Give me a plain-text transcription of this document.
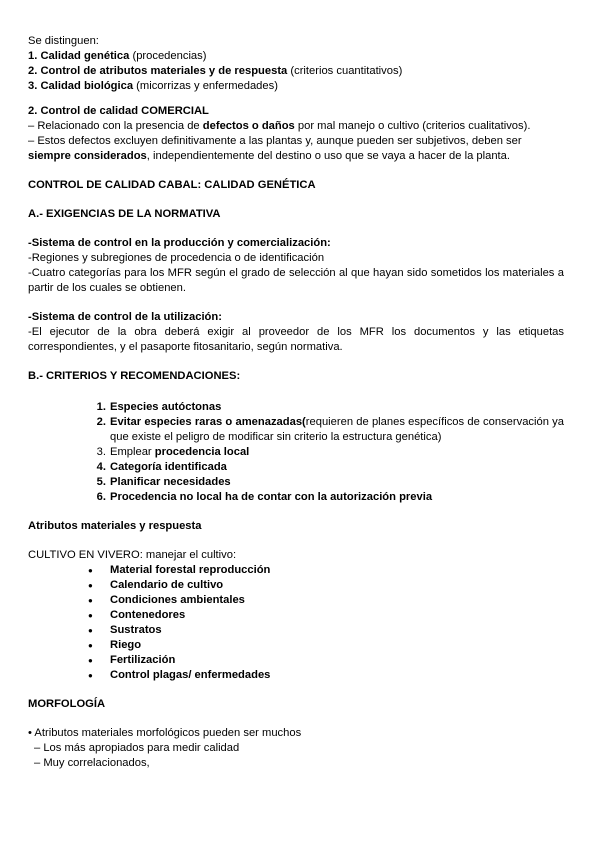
Se distinguen:

1. Calidad genética (procedencias)

2. Control de atributos materiales y de respuesta (criterios cuantitativos)

3. Calidad biológica (micorrizas y enfermedades)

2. Control de calidad COMERCIAL

– Relacionado con la presencia de defectos o daños por mal manejo o cultivo (criterios cualitativos).

– Estos defectos excluyen definitivamente a las plantas y, aunque pueden ser subjetivos, deben ser siempre considerados, independientemente del destino o uso que se vaya a hacer de la planta.

CONTROL DE CALIDAD CABAL: CALIDAD GENÉTICA

A.- EXIGENCIAS DE LA NORMATIVA

-Sistema de control en la producción y comercialización:

-Regiones y subregiones de procedencia o de identificación

-Cuatro categorías para los MFR según el grado de selección al que hayan sido sometidos los materiales a partir de los cuales se obtienen.

-Sistema de control de la utilización:

-El ejecutor de la obra deberá exigir al proveedor de los MFR los documentos y las etiquetas correspondientes, y el pasaporte fitosanitario, según normativa.

B.- CRITERIOS Y RECOMENDACIONES:

1. Especies autóctonas
2. Evitar especies raras o amenazadas(requieren de planes específicos de conservación ya que existe el peligro de modificar sin criterio la estructura genética)
3. Emplear procedencia local
4. Categoría identificada
5. Planificar necesidades
6. Procedencia no local ha de contar con la autorización previa

Atributos materiales y respuesta

CULTIVO EN VIVERO: manejar el cultivo:

● Material forestal reproducción
● Calendario de cultivo
● Condiciones ambientales
● Contenedores
● Sustratos
● Riego
● Fertilización
● Control plagas/ enfermedades

MORFOLOGÍA

• Atributos materiales morfológicos pueden ser muchos

– Los más apropiados para medir calidad

– Muy correlacionados,
